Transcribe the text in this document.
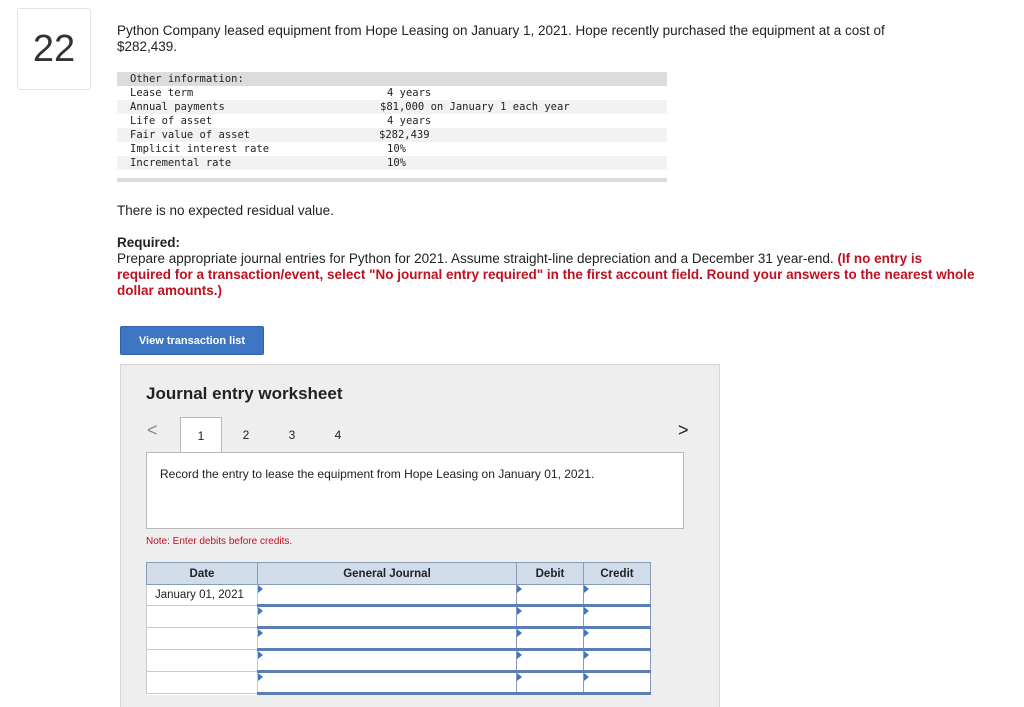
22	Python Company leased equipment from Hope Leasing on January 1, 2021. Hope recently purchased the equipment at a cost of $282,439.
Other information:
Lease term	4 years
Annual payments	$81,000 on January 1 each year
Life of asset	4 years
Fair value of asset	$282,439
Implicit interest rate	10%
Incremental rate	10%
There is no expected residual value.
Required:
Prepare appropriate journal entries for Python for 2021. Assume straight-line depreciation and a December 31 year-end. (If no entry is required for a transaction/event, select "No journal entry required" in the first account field. Round your answers to the nearest whole dollar amounts.)
View transaction list
Journal entry worksheet
<	1	2	3	4	>
Record the entry to lease the equipment from Hope Leasing on January 01, 2021.
Note: Enter debits before credits.
Date	General Journal	Debit	Credit
January 01, 2021			
